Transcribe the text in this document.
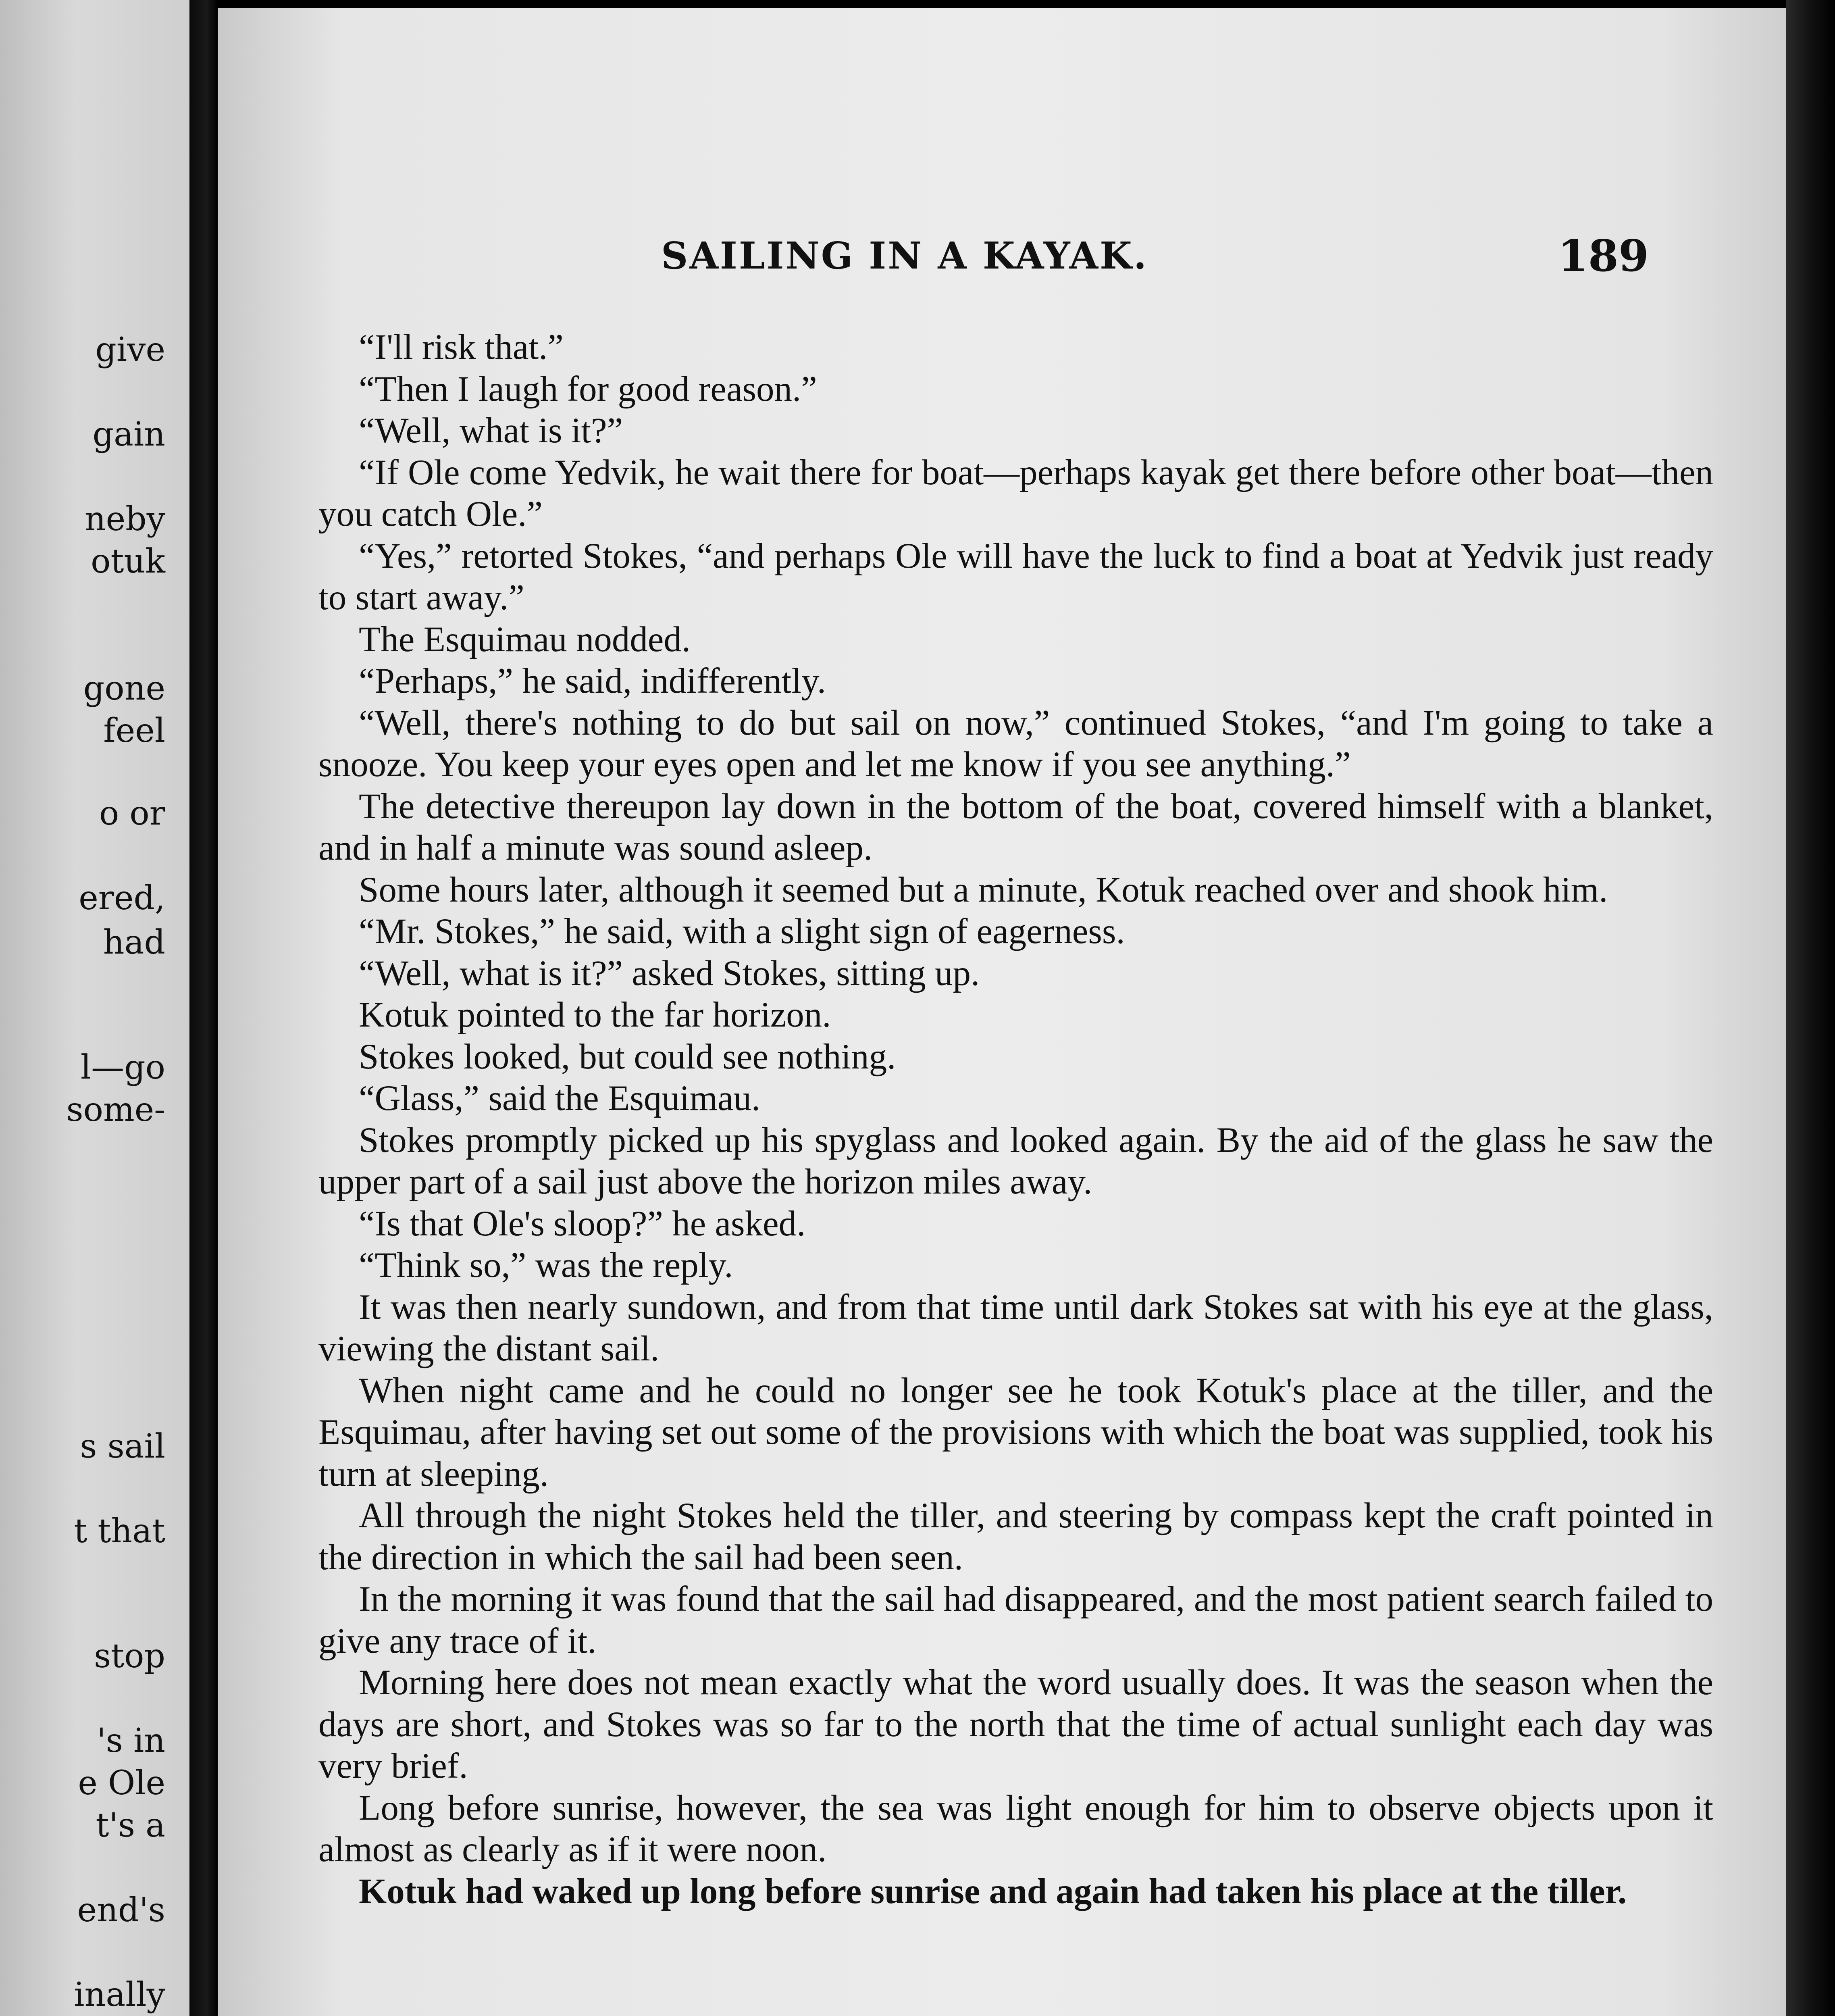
give
gain
neby
otuk
gone
feel
o or
ered,
had
l—go
some-
s sail
t that
stop
's in
e Ole
t's a
end's
inally
SAILING IN A KAYAK.	189

“I'll risk that.”

“Then I laugh for good reason.”

“Well, what is it?”

“If Ole come Yedvik, he wait there for boat—perhaps kayak get there before other boat—then you catch Ole.”

“Yes,” retorted Stokes, “and perhaps Ole will have the luck to find a boat at Yedvik just ready to start away.”

The Esquimau nodded.

“Perhaps,” he said, indifferently.

“Well, there's nothing to do but sail on now,” continued Stokes, “and I'm going to take a snooze. You keep your eyes open and let me know if you see anything.”

The detective thereupon lay down in the bottom of the boat, covered himself with a blanket, and in half a minute was sound asleep.

Some hours later, although it seemed but a minute, Kotuk reached over and shook him.

“Mr. Stokes,” he said, with a slight sign of eagerness.

“Well, what is it?” asked Stokes, sitting up.

Kotuk pointed to the far horizon.

Stokes looked, but could see nothing.

“Glass,” said the Esquimau.

Stokes promptly picked up his spyglass and looked again. By the aid of the glass he saw the upper part of a sail just above the horizon miles away.

“Is that Ole's sloop?” he asked.

“Think so,” was the reply.

It was then nearly sundown, and from that time until dark Stokes sat with his eye at the glass, viewing the distant sail.

When night came and he could no longer see he took Kotuk's place at the tiller, and the Esquimau, after having set out some of the provisions with which the boat was supplied, took his turn at sleeping.

All through the night Stokes held the tiller, and steering by compass kept the craft pointed in the direction in which the sail had been seen.

In the morning it was found that the sail had disappeared, and the most patient search failed to give any trace of it.

Morning here does not mean exactly what the word usually does. It was the season when the days are short, and Stokes was so far to the north that the time of actual sunlight each day was very brief.

Long before sunrise, however, the sea was light enough for him to observe objects upon it almost as clearly as if it were noon.

Kotuk had waked up long before sunrise and again had taken his place at the tiller.
